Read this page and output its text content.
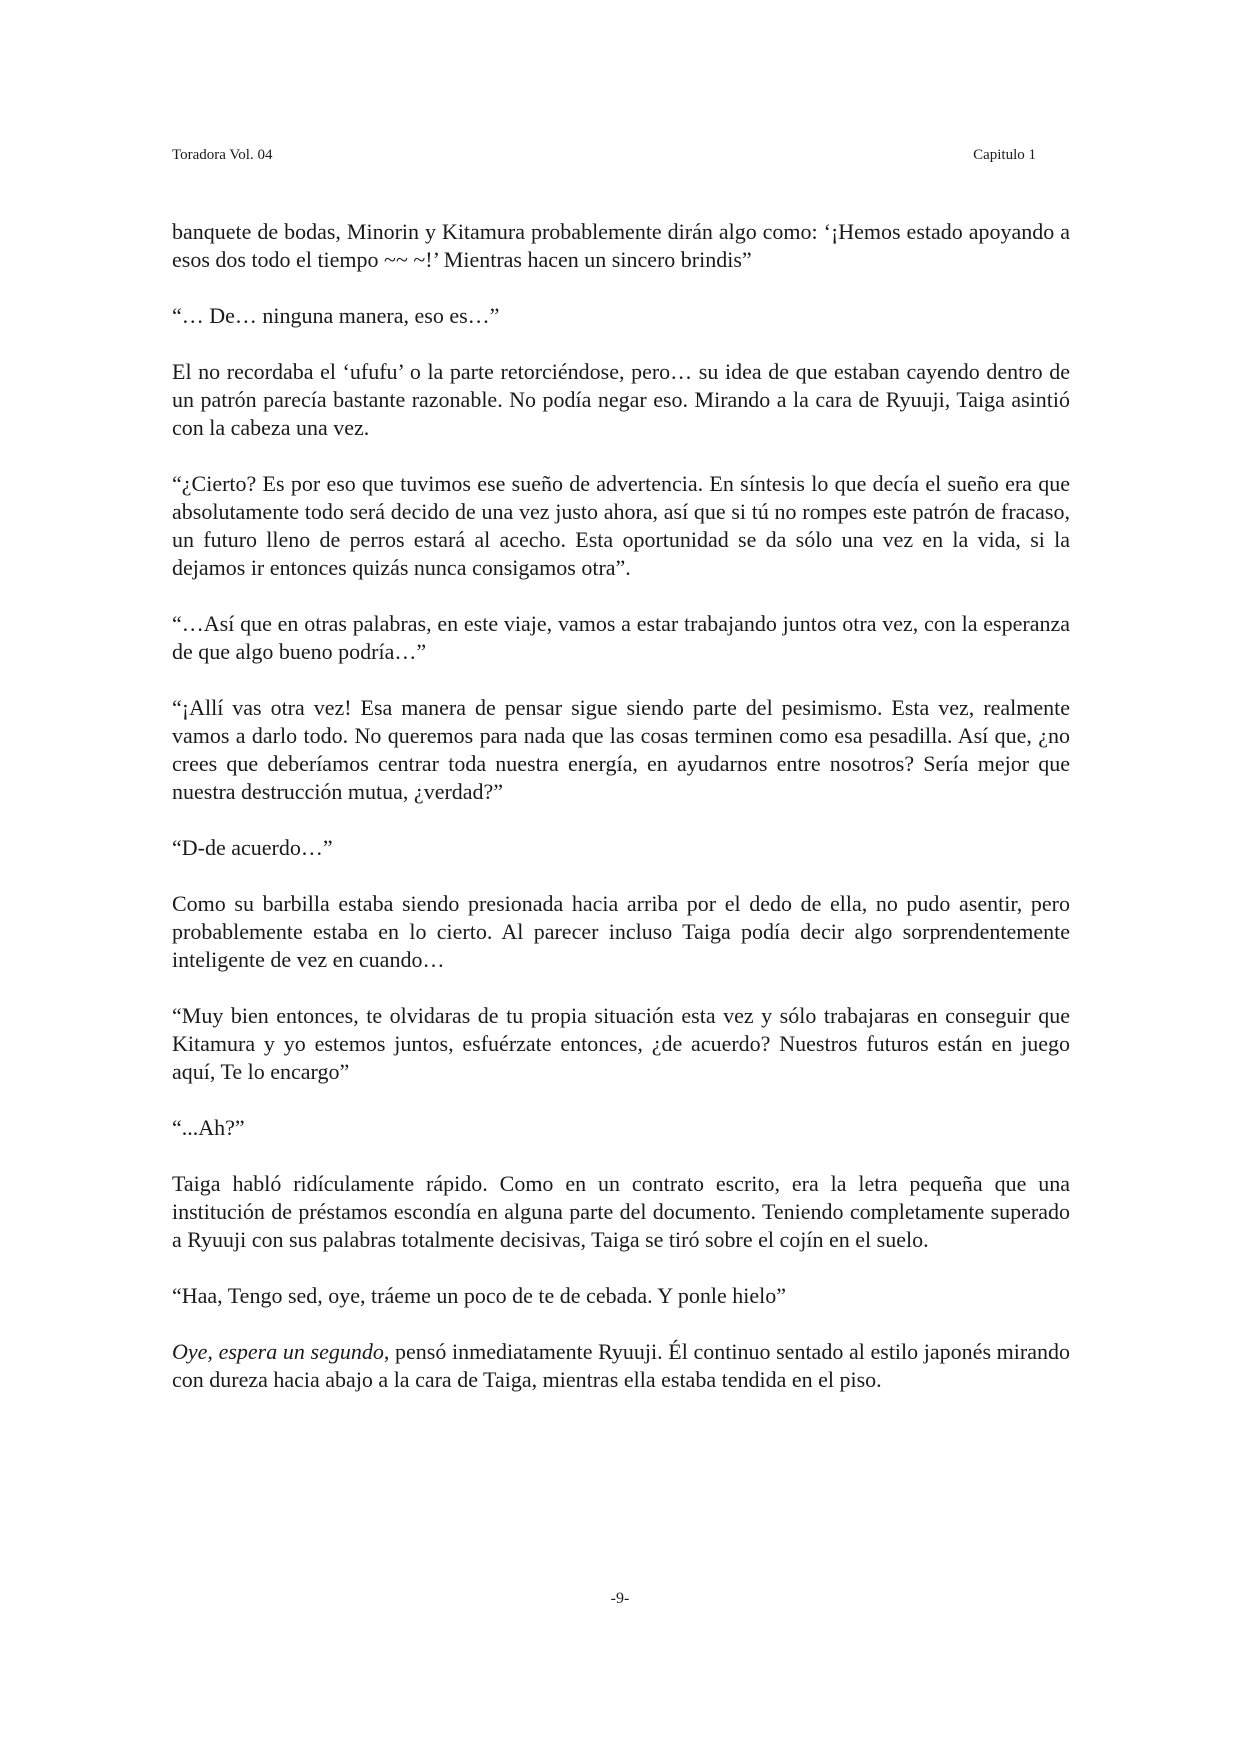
Toradora Vol. 04	Capitulo 1

banquete de bodas, Minorin y Kitamura probablemente dirán algo como: ‘¡Hemos estado apoyando a esos dos todo el tiempo ~~ ~!’ Mientras hacen un sincero brindis”

“… De… ninguna manera, eso es…”

El no recordaba el ‘ufufu’ o la parte retorciéndose, pero… su idea de que estaban cayendo dentro de un patrón parecía bastante razonable. No podía negar eso. Mirando a la cara de Ryuuji, Taiga asintió con la cabeza una vez.

“¿Cierto? Es por eso que tuvimos ese sueño de advertencia. En síntesis lo que decía el sueño era que absolutamente todo será decido de una vez justo ahora, así que si tú no rompes este patrón de fracaso, un futuro lleno de perros estará al acecho. Esta oportunidad se da sólo una vez en la vida, si la dejamos ir entonces quizás nunca consigamos otra”.

“…Así que en otras palabras, en este viaje, vamos a estar trabajando juntos otra vez, con la esperanza de que algo bueno podría…”

“¡Allí vas otra vez! Esa manera de pensar sigue siendo parte del pesimismo. Esta vez, realmente vamos a darlo todo. No queremos para nada que las cosas terminen como esa pesadilla. Así que, ¿no crees que deberíamos centrar toda nuestra energía, en ayudarnos entre nosotros? Sería mejor que nuestra destrucción mutua, ¿verdad?”

“D-de acuerdo…”

Como su barbilla estaba siendo presionada hacia arriba por el dedo de ella, no pudo asentir, pero probablemente estaba en lo cierto. Al parecer incluso Taiga podía decir algo sorprendentemente inteligente de vez en cuando…

“Muy bien entonces, te olvidaras de tu propia situación esta vez y sólo trabajaras en conseguir que Kitamura y yo estemos juntos, esfuérzate entonces, ¿de acuerdo? Nuestros futuros están en juego aquí, Te lo encargo”

“...Ah?”

Taiga habló ridículamente rápido. Como en un contrato escrito, era la letra pequeña que una institución de préstamos escondía en alguna parte del documento. Teniendo completamente superado a Ryuuji con sus palabras totalmente decisivas, Taiga se tiró sobre el cojín en el suelo.

“Haa, Tengo sed, oye, tráeme un poco de te de cebada. Y ponle hielo”

Oye, espera un segundo, pensó inmediatamente Ryuuji. Él continuo sentado al estilo japonés mirando con dureza hacia abajo a la cara de Taiga, mientras ella estaba tendida en el piso.

-9-
